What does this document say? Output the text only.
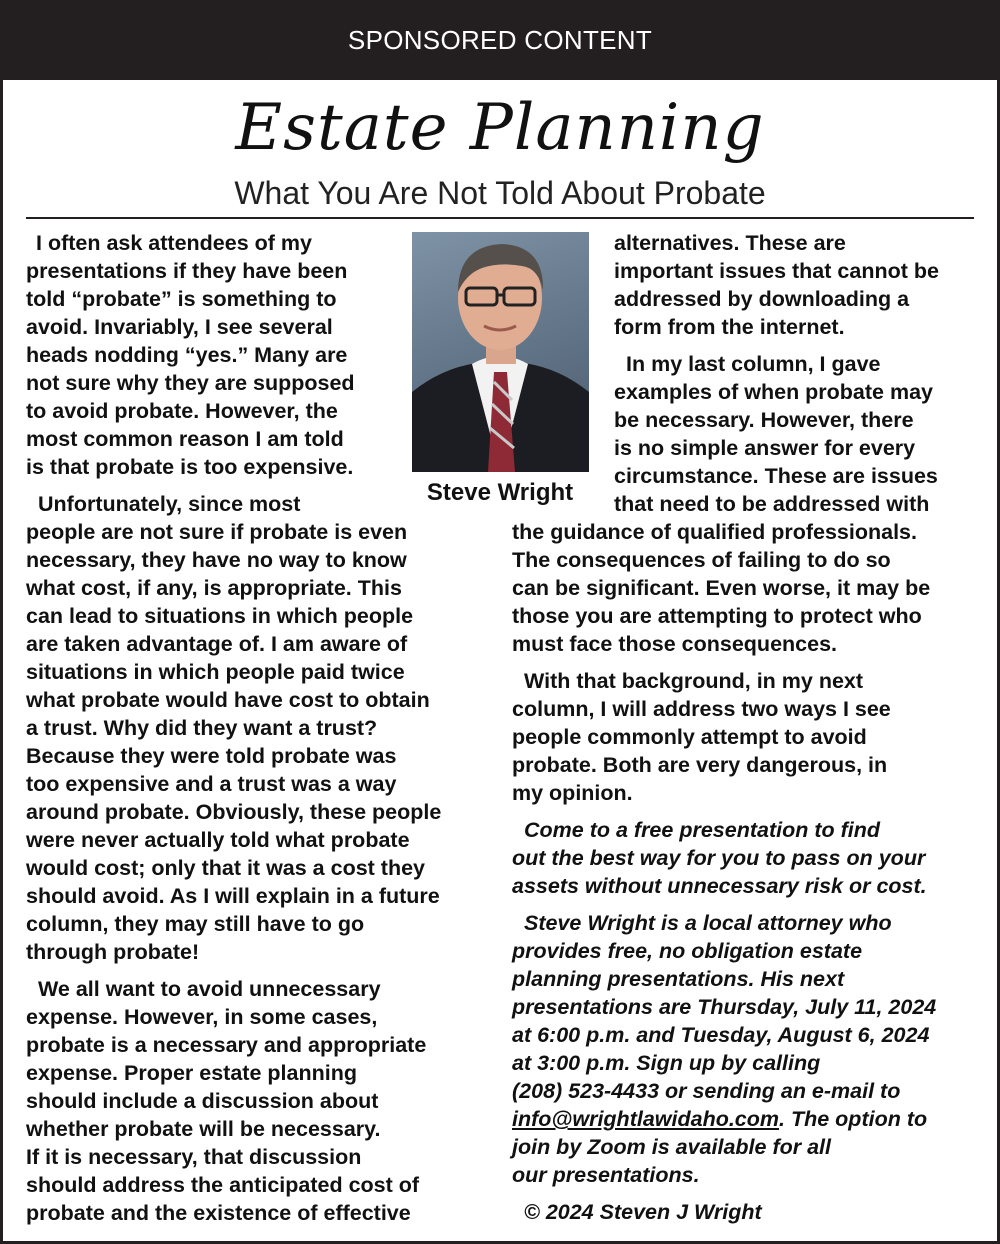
SPONSORED CONTENT
Estate Planning
What You Are Not Told About Probate

I often ask attendees of my

presentations if they have been

told “probate” is something to

avoid. Invariably, I see several

heads nodding “yes.” Many are

not sure why they are supposed

to avoid probate. However, the

most common reason I am told

is that probate is too expensive.

Unfortunately, since most

people are not sure if probate is even

necessary, they have no way to know

what cost, if any, is appropriate. This

can lead to situations in which people

are taken advantage of. I am aware of

situations in which people paid twice

what probate would have cost to obtain

a trust. Why did they want a trust?

Because they were told probate was

too expensive and a trust was a way

around probate. Obviously, these people

were never actually told what probate

would cost; only that it was a cost they

should avoid. As I will explain in a future

column, they may still have to go

through probate!

We all want to avoid unnecessary

expense. However, in some cases,

probate is a necessary and appropriate

expense. Proper estate planning

should include a discussion about

whether probate will be necessary.

If it is necessary, that discussion

should address the anticipated cost of

probate and the existence of effective

Steve Wright

alternatives. These are

important issues that cannot be

addressed by downloading a

form from the internet.

In my last column, I gave

examples of when probate may

be necessary. However, there

is no simple answer for every

circumstance. These are issues

that need to be addressed with

the guidance of qualified professionals.

The consequences of failing to do so

can be significant. Even worse, it may be

those you are attempting to protect who

must face those consequences.

With that background, in my next

column, I will address two ways I see

people commonly attempt to avoid

probate. Both are very dangerous, in

my opinion.

Come to a free presentation to find

out the best way for you to pass on your

assets without unnecessary risk or cost.

Steve Wright is a local attorney who

provides free, no obligation estate

planning presentations. His next

presentations are Thursday, July 11, 2024

at 6:00 p.m. and Tuesday, August 6, 2024

at 3:00 p.m. Sign up by calling

(208) 523-4433 or sending an e-mail to

info@wrightlawidaho.com. The option to

join by Zoom is available for all

our presentations.

© 2024 Steven J Wright
